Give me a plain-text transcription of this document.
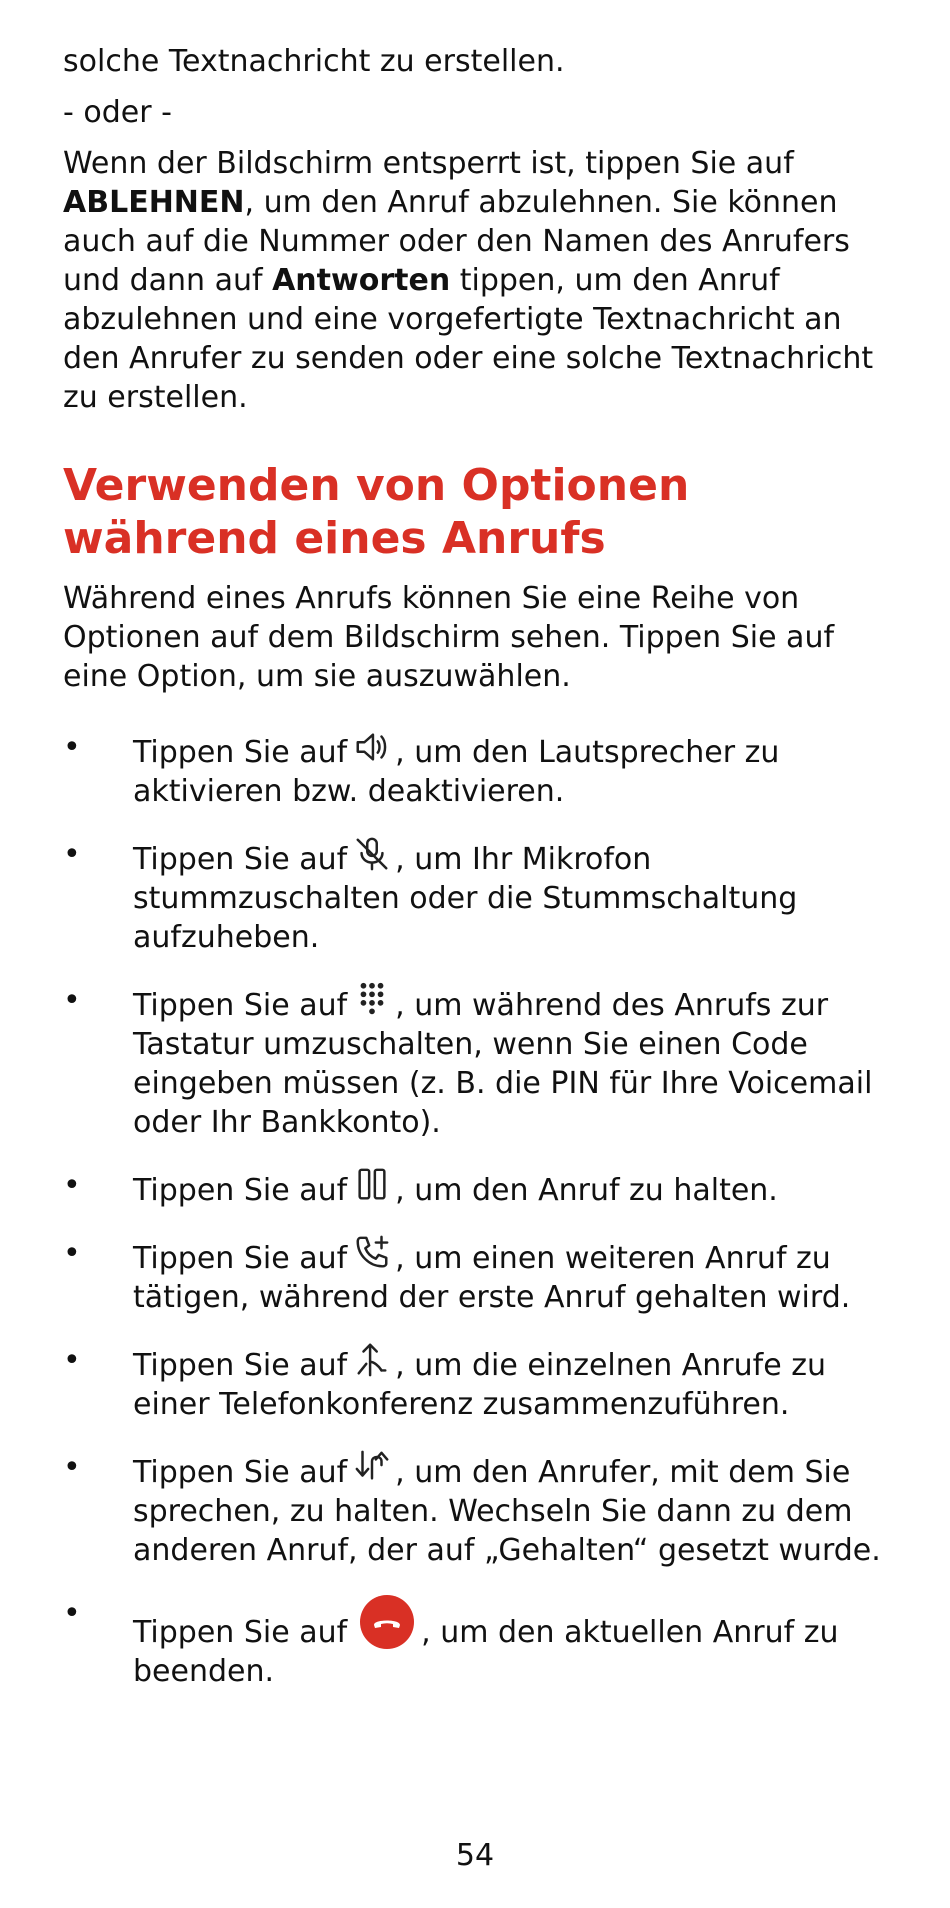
solche Textnachricht zu erstellen.

- oder -

Wenn der Bildschirm entsperrt ist, tippen Sie auf ABLEHNEN, um den Anruf abzulehnen. Sie können auch auf die Nummer oder den Namen des Anrufers und dann auf Antworten tippen, um den Anruf abzulehnen und eine vorgefertigte Textnachricht an den Anrufer zu senden oder eine solche Textnachricht zu erstellen.

Verwenden von Optionen während eines Anrufs

Während eines Anrufs können Sie eine Reihe von Optionen auf dem Bildschirm sehen. Tippen Sie auf eine Option, um sie auszuwählen.

• Tippen Sie auf , um den Lautsprecher zu aktivieren bzw. deaktivieren.
• Tippen Sie auf , um Ihr Mikrofon stummzuschalten oder die Stummschaltung aufzuheben.
• Tippen Sie auf , um während des Anrufs zur Tastatur umzuschalten, wenn Sie einen Code eingeben müssen (z. B. die PIN für Ihre Voicemail oder Ihr Bankkonto).
• Tippen Sie auf , um den Anruf zu halten.
• Tippen Sie auf , um einen weiteren Anruf zu tätigen, während der erste Anruf gehalten wird.
• Tippen Sie auf , um die einzelnen Anrufe zu einer Telefonkonferenz zusammenzuführen.
• Tippen Sie auf , um den Anrufer, mit dem Sie sprechen, zu halten. Wechseln Sie dann zu dem anderen Anruf, der auf „Gehalten“ gesetzt wurde.
•
Tippen Sie auf , um den aktuellen Anruf zu beenden.
54
